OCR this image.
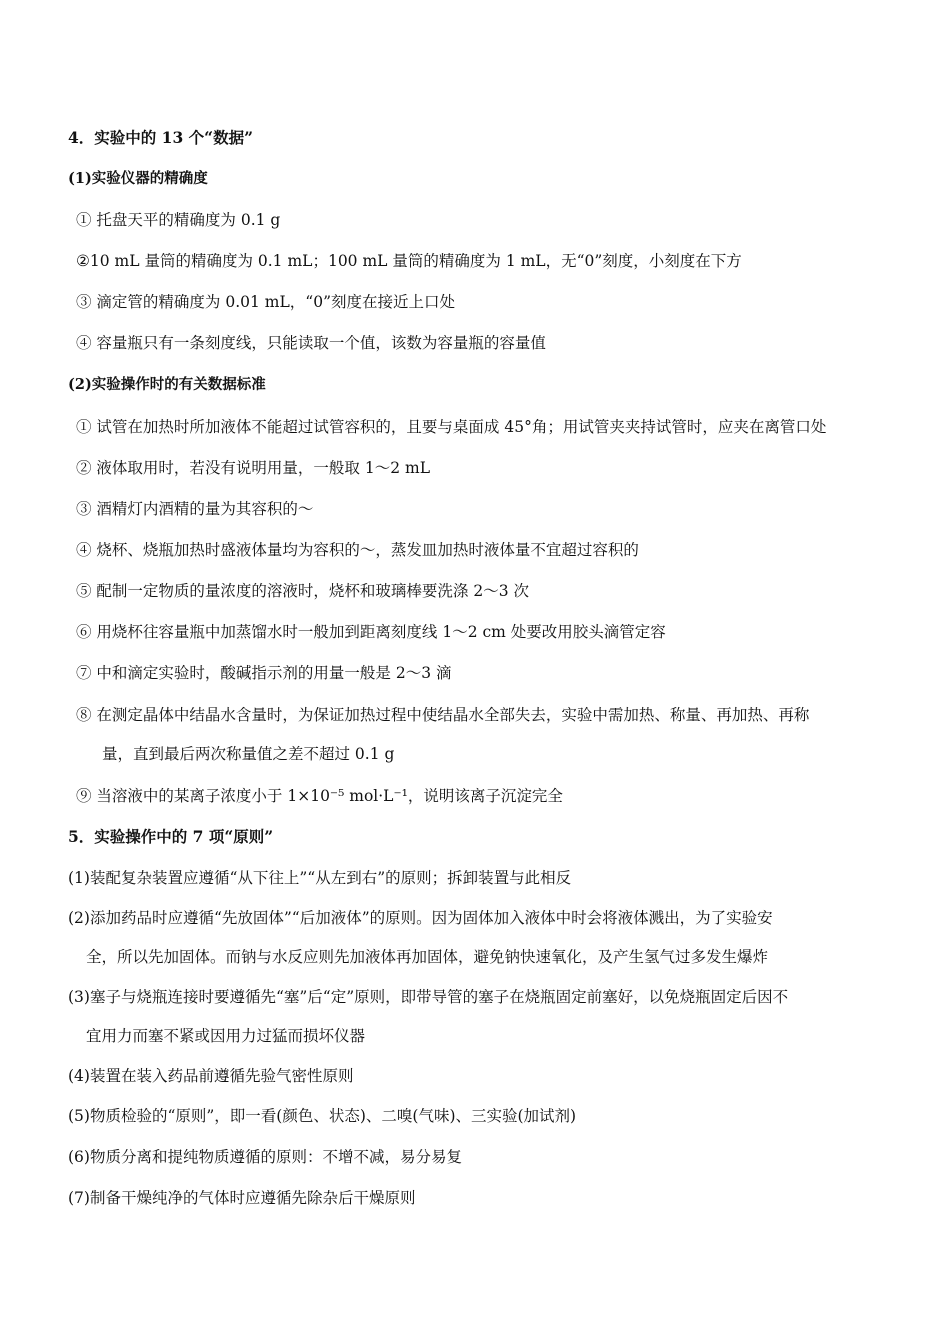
4．实验中的 13 个“数据”
(1)实验仪器的精确度
① 托盘天平的精确度为 0.1 g
②10 mL 量筒的精确度为 0.1 mL；100 mL 量筒的精确度为 1 mL，无“0”刻度，小刻度在下方
③ 滴定管的精确度为 0.01 mL，“0”刻度在接近上口处
④ 容量瓶只有一条刻度线，只能读取一个值，该数为容量瓶的容量值
(2)实验操作时的有关数据标准
① 试管在加热时所加液体不能超过试管容积的，且要与桌面成 45°角；用试管夹夹持试管时，应夹在离管口处
② 液体取用时，若没有说明用量，一般取 1～2 mL
③ 酒精灯内酒精的量为其容积的～
④ 烧杯、烧瓶加热时盛液体量均为容积的～，蒸发皿加热时液体量不宜超过容积的
⑤ 配制一定物质的量浓度的溶液时，烧杯和玻璃棒要洗涤 2～3 次
⑥ 用烧杯往容量瓶中加蒸馏水时一般加到距离刻度线 1～2 cm 处要改用胶头滴管定容
⑦ 中和滴定实验时，酸碱指示剂的用量一般是 2～3 滴
⑧ 在测定晶体中结晶水含量时，为保证加热过程中使结晶水全部失去，实验中需加热、称量、再加热、再称
量，直到最后两次称量值之差不超过 0.1 g
⑨ 当溶液中的某离子浓度小于 1×10⁻⁵ mol·L⁻¹，说明该离子沉淀完全
5．实验操作中的 7 项“原则”
(1)装配复杂装置应遵循“从下往上”“从左到右”的原则；拆卸装置与此相反
(2)添加药品时应遵循“先放固体”“后加液体”的原则。因为固体加入液体中时会将液体溅出，为了实验安
全，所以先加固体。而钠与水反应则先加液体再加固体，避免钠快速氧化，及产生氢气过多发生爆炸
(3)塞子与烧瓶连接时要遵循先“塞”后“定”原则，即带导管的塞子在烧瓶固定前塞好，以免烧瓶固定后因不
宜用力而塞不紧或因用力过猛而损坏仪器
(4)装置在装入药品前遵循先验气密性原则
(5)物质检验的“原则”，即一看(颜色、状态)、二嗅(气味)、三实验(加试剂)
(6)物质分离和提纯物质遵循的原则：不增不减，易分易复
(7)制备干燥纯净的气体时应遵循先除杂后干燥原则
